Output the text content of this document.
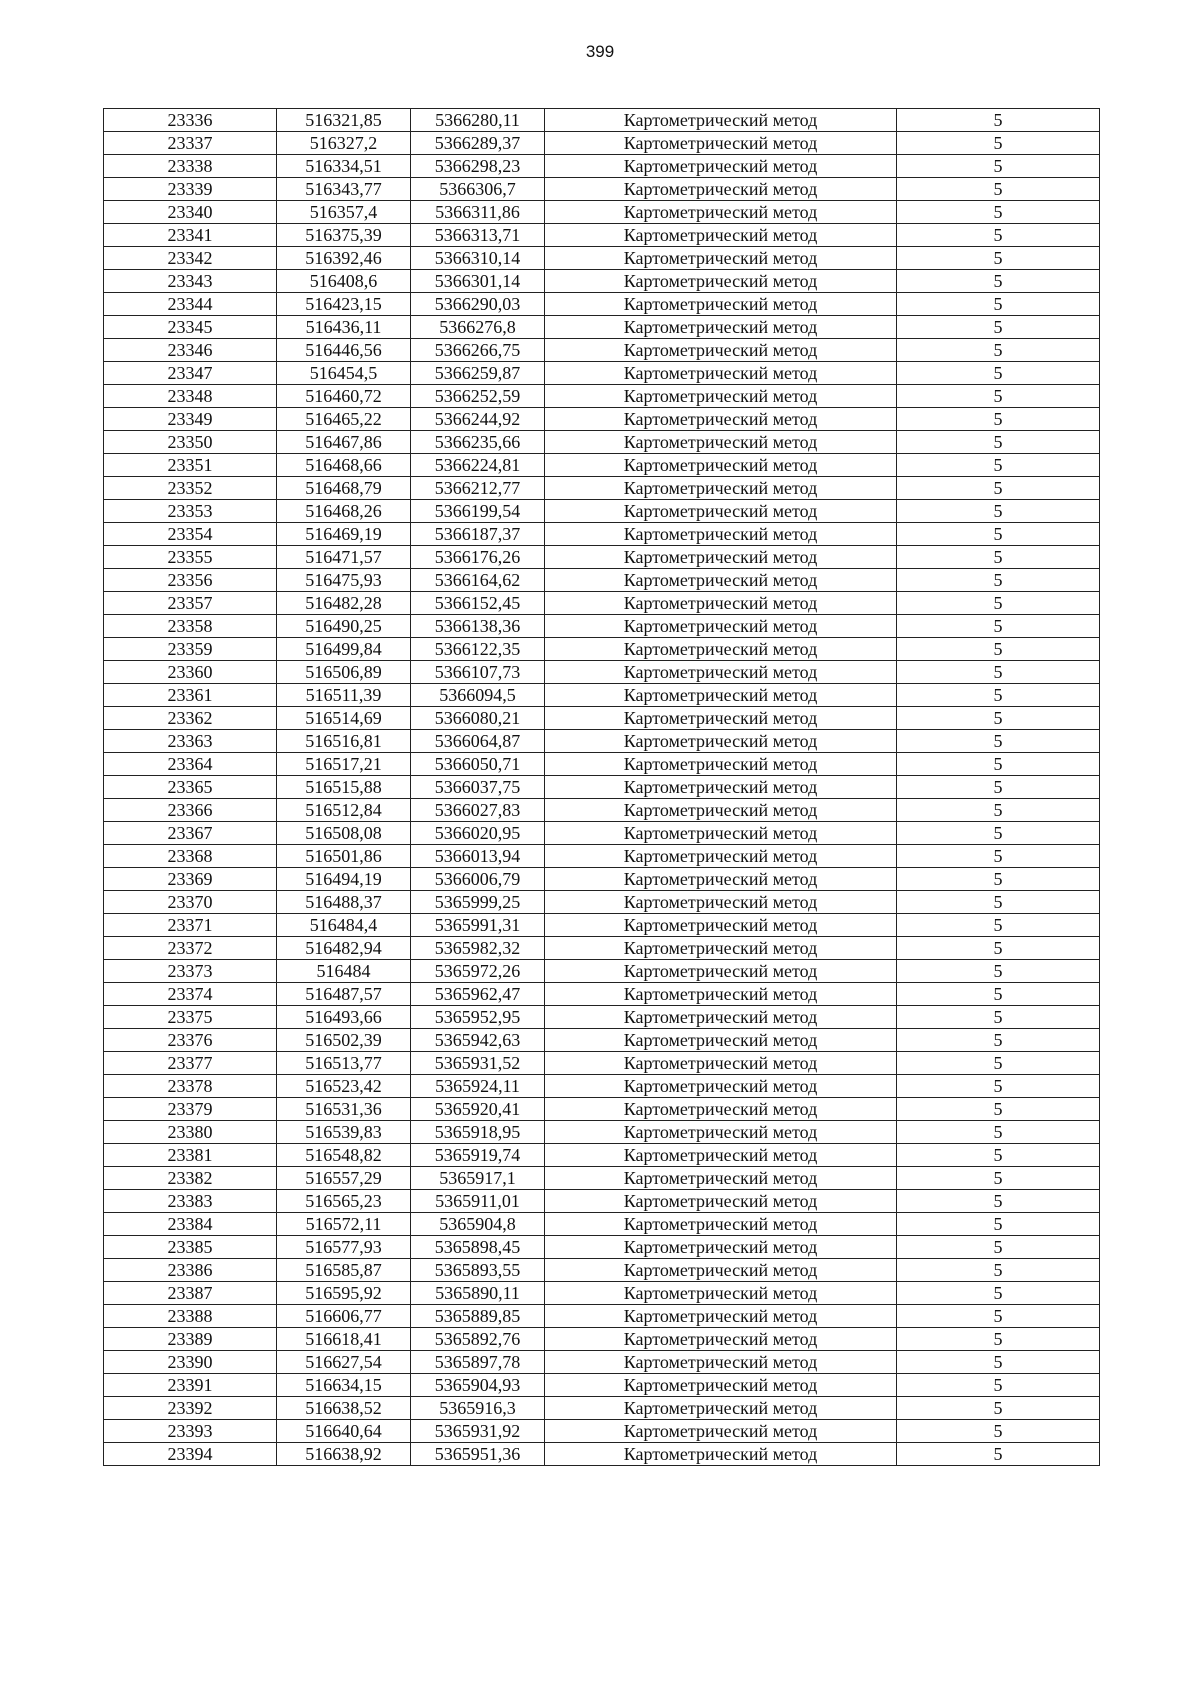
399
23336	516321,85	5366280,11	Картометрический метод	5
23337	516327,2	5366289,37	Картометрический метод	5
23338	516334,51	5366298,23	Картометрический метод	5
23339	516343,77	5366306,7	Картометрический метод	5
23340	516357,4	5366311,86	Картометрический метод	5
23341	516375,39	5366313,71	Картометрический метод	5
23342	516392,46	5366310,14	Картометрический метод	5
23343	516408,6	5366301,14	Картометрический метод	5
23344	516423,15	5366290,03	Картометрический метод	5
23345	516436,11	5366276,8	Картометрический метод	5
23346	516446,56	5366266,75	Картометрический метод	5
23347	516454,5	5366259,87	Картометрический метод	5
23348	516460,72	5366252,59	Картометрический метод	5
23349	516465,22	5366244,92	Картометрический метод	5
23350	516467,86	5366235,66	Картометрический метод	5
23351	516468,66	5366224,81	Картометрический метод	5
23352	516468,79	5366212,77	Картометрический метод	5
23353	516468,26	5366199,54	Картометрический метод	5
23354	516469,19	5366187,37	Картометрический метод	5
23355	516471,57	5366176,26	Картометрический метод	5
23356	516475,93	5366164,62	Картометрический метод	5
23357	516482,28	5366152,45	Картометрический метод	5
23358	516490,25	5366138,36	Картометрический метод	5
23359	516499,84	5366122,35	Картометрический метод	5
23360	516506,89	5366107,73	Картометрический метод	5
23361	516511,39	5366094,5	Картометрический метод	5
23362	516514,69	5366080,21	Картометрический метод	5
23363	516516,81	5366064,87	Картометрический метод	5
23364	516517,21	5366050,71	Картометрический метод	5
23365	516515,88	5366037,75	Картометрический метод	5
23366	516512,84	5366027,83	Картометрический метод	5
23367	516508,08	5366020,95	Картометрический метод	5
23368	516501,86	5366013,94	Картометрический метод	5
23369	516494,19	5366006,79	Картометрический метод	5
23370	516488,37	5365999,25	Картометрический метод	5
23371	516484,4	5365991,31	Картометрический метод	5
23372	516482,94	5365982,32	Картометрический метод	5
23373	516484	5365972,26	Картометрический метод	5
23374	516487,57	5365962,47	Картометрический метод	5
23375	516493,66	5365952,95	Картометрический метод	5
23376	516502,39	5365942,63	Картометрический метод	5
23377	516513,77	5365931,52	Картометрический метод	5
23378	516523,42	5365924,11	Картометрический метод	5
23379	516531,36	5365920,41	Картометрический метод	5
23380	516539,83	5365918,95	Картометрический метод	5
23381	516548,82	5365919,74	Картометрический метод	5
23382	516557,29	5365917,1	Картометрический метод	5
23383	516565,23	5365911,01	Картометрический метод	5
23384	516572,11	5365904,8	Картометрический метод	5
23385	516577,93	5365898,45	Картометрический метод	5
23386	516585,87	5365893,55	Картометрический метод	5
23387	516595,92	5365890,11	Картометрический метод	5
23388	516606,77	5365889,85	Картометрический метод	5
23389	516618,41	5365892,76	Картометрический метод	5
23390	516627,54	5365897,78	Картометрический метод	5
23391	516634,15	5365904,93	Картометрический метод	5
23392	516638,52	5365916,3	Картометрический метод	5
23393	516640,64	5365931,92	Картометрический метод	5
23394	516638,92	5365951,36	Картометрический метод	5
